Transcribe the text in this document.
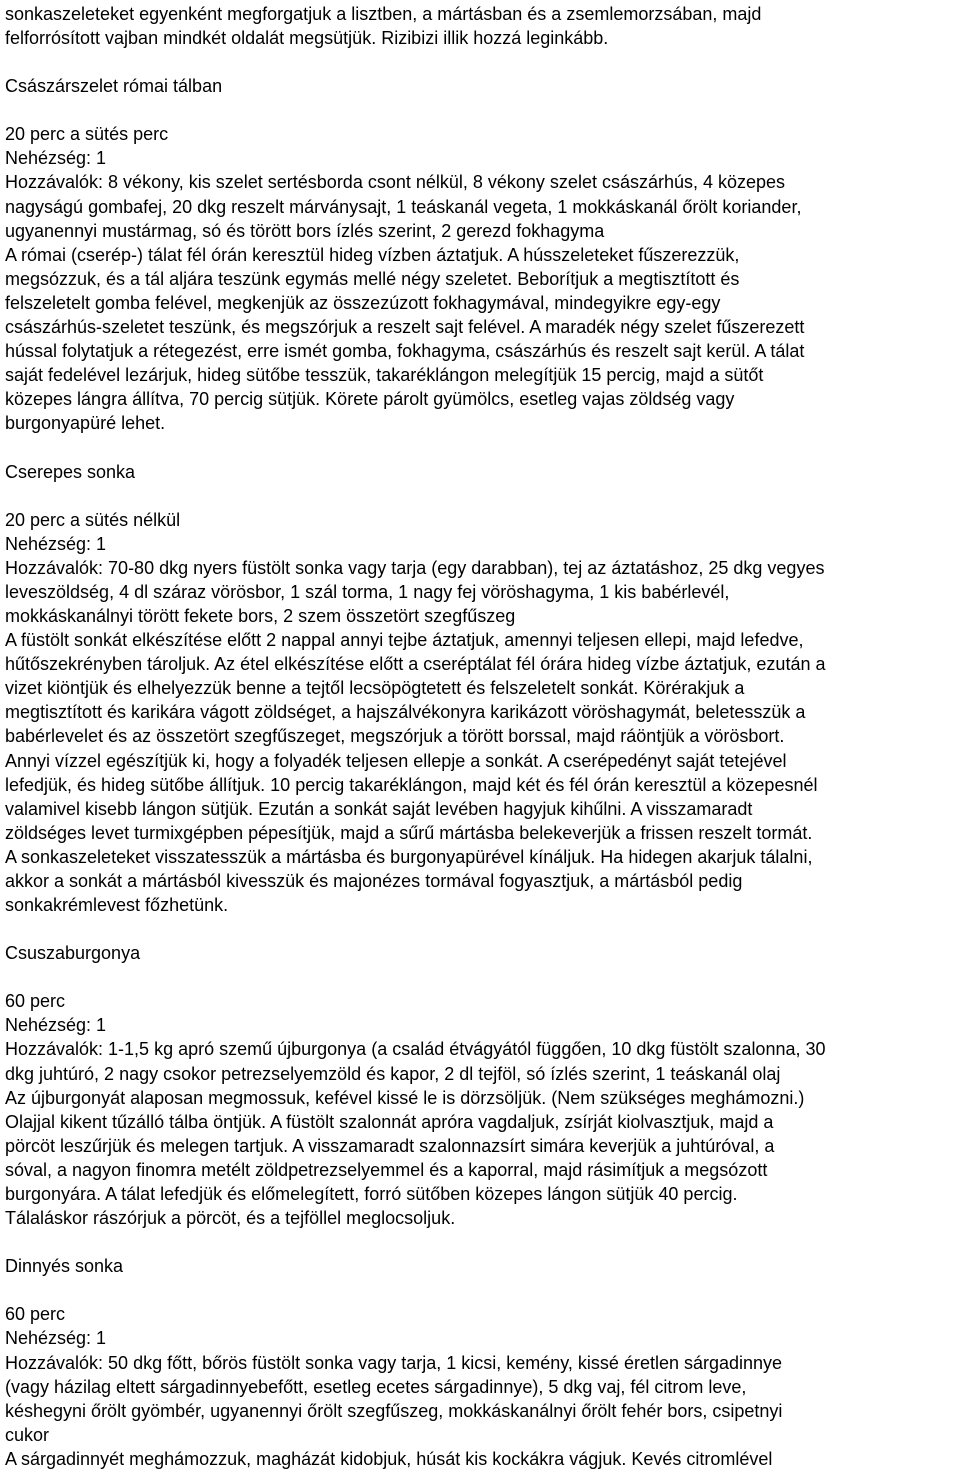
sonkaszeleteket egyenként megforgatjuk a lisztben, a mártásban és a zsemlemorzsában, majd
felforrósított vajban mindkét oldalát megsütjük. Rizibizi illik hozzá leginkább.
Császárszelet római tálban
20 perc a sütés perc
Nehézség: 1
Hozzávalók: 8 vékony, kis szelet sertésborda csont nélkül, 8 vékony szelet császárhús, 4 közepes
nagyságú gombafej, 20 dkg reszelt márványsajt, 1 teáskanál vegeta, 1 mokkáskanál őrölt koriander,
ugyanennyi mustármag, só és törött bors ízlés szerint, 2 gerezd fokhagyma
A római (cserép-) tálat fél órán keresztül hideg vízben áztatjuk. A hússzeleteket fűszerezzük,
megsózzuk, és a tál aljára teszünk egymás mellé négy szeletet. Beborítjuk a megtisztított és
felszeletelt gomba felével, megkenjük az összezúzott fokhagymával, mindegyikre egy-egy
császárhús-szeletet teszünk, és megszórjuk a reszelt sajt felével. A maradék négy szelet fűszerezett
hússal folytatjuk a rétegezést, erre ismét gomba, fokhagyma, császárhús és reszelt sajt kerül. A tálat
saját fedelével lezárjuk, hideg sütőbe tesszük, takaréklángon melegítjük 15 percig, majd a sütőt
közepes lángra állítva, 70 percig sütjük. Körete párolt gyümölcs, esetleg vajas zöldség vagy
burgonyapüré lehet.
Cserepes sonka
20 perc a sütés nélkül
Nehézség: 1
Hozzávalók: 70-80 dkg nyers füstölt sonka vagy tarja (egy darabban), tej az áztatáshoz, 25 dkg vegyes
leveszöldség, 4 dl száraz vörösbor, 1 szál torma, 1 nagy fej vöröshagyma, 1 kis babérlevél,
mokkáskanálnyi törött fekete bors, 2 szem összetört szegfűszeg
A füstölt sonkát elkészítése előtt 2 nappal annyi tejbe áztatjuk, amennyi teljesen ellepi, majd lefedve,
hűtőszekrényben tároljuk. Az étel elkészítése előtt a cseréptálat fél órára hideg vízbe áztatjuk, ezután a
vizet kiöntjük és elhelyezzük benne a tejtől lecsöpögtetett és felszeletelt sonkát. Körérakjuk a
megtisztított és karikára vágott zöldséget, a hajszálvékonyra karikázott vöröshagymát, beletesszük a
babérlevelet és az összetört szegfűszeget, megszórjuk a törött borssal, majd ráöntjük a vörösbort.
Annyi vízzel egészítjük ki, hogy a folyadék teljesen ellepje a sonkát. A cserépedényt saját tetejével
lefedjük, és hideg sütőbe állítjuk. 10 percig takaréklángon, majd két és fél órán keresztül a közepesnél
valamivel kisebb lángon sütjük. Ezután a sonkát saját levében hagyjuk kihűlni. A visszamaradt
zöldséges levet turmixgépben pépesítjük, majd a sűrű mártásba belekeverjük a frissen reszelt tormát.
A sonkaszeleteket visszatesszük a mártásba és burgonyapürével kínáljuk. Ha hidegen akarjuk tálalni,
akkor a sonkát a mártásból kivesszük és majonézes tormával fogyasztjuk, a mártásból pedig
sonkakrémlevest főzhetünk.
Csuszaburgonya
60 perc
Nehézség: 1
Hozzávalók: 1-1,5 kg apró szemű újburgonya (a család étvágyától függően, 10 dkg füstölt szalonna, 30
dkg juhtúró, 2 nagy csokor petrezselyemzöld és kapor, 2 dl tejföl, só ízlés szerint, 1 teáskanál olaj
Az újburgonyát alaposan megmossuk, kefével kissé le is dörzsöljük. (Nem szükséges meghámozni.)
Olajjal kikent tűzálló tálba öntjük. A füstölt szalonnát apróra vagdaljuk, zsírját kiolvasztjuk, majd a
pörcöt leszűrjük és melegen tartjuk. A visszamaradt szalonnazsírt simára keverjük a juhtúróval, a
sóval, a nagyon finomra metélt zöldpetrezselyemmel és a kaporral, majd rásimítjuk a megsózott
burgonyára. A tálat lefedjük és előmelegített, forró sütőben közepes lángon sütjük 40 percig.
Tálaláskor rászórjuk a pörcöt, és a tejföllel meglocsoljuk.
Dinnyés sonka
60 perc
Nehézség: 1
Hozzávalók: 50 dkg főtt, bőrös füstölt sonka vagy tarja, 1 kicsi, kemény, kissé éretlen sárgadinnye
(vagy házilag eltett sárgadinnyebefőtt, esetleg ecetes sárgadinnye), 5 dkg vaj, fél citrom leve,
késhegyni őrölt gyömbér, ugyanennyi őrölt szegfűszeg, mokkáskanálnyi őrölt fehér bors, csipetnyi
cukor
A sárgadinnyét meghámozzuk, magházát kidobjuk, húsát kis kockákra vágjuk. Kevés citromlével
